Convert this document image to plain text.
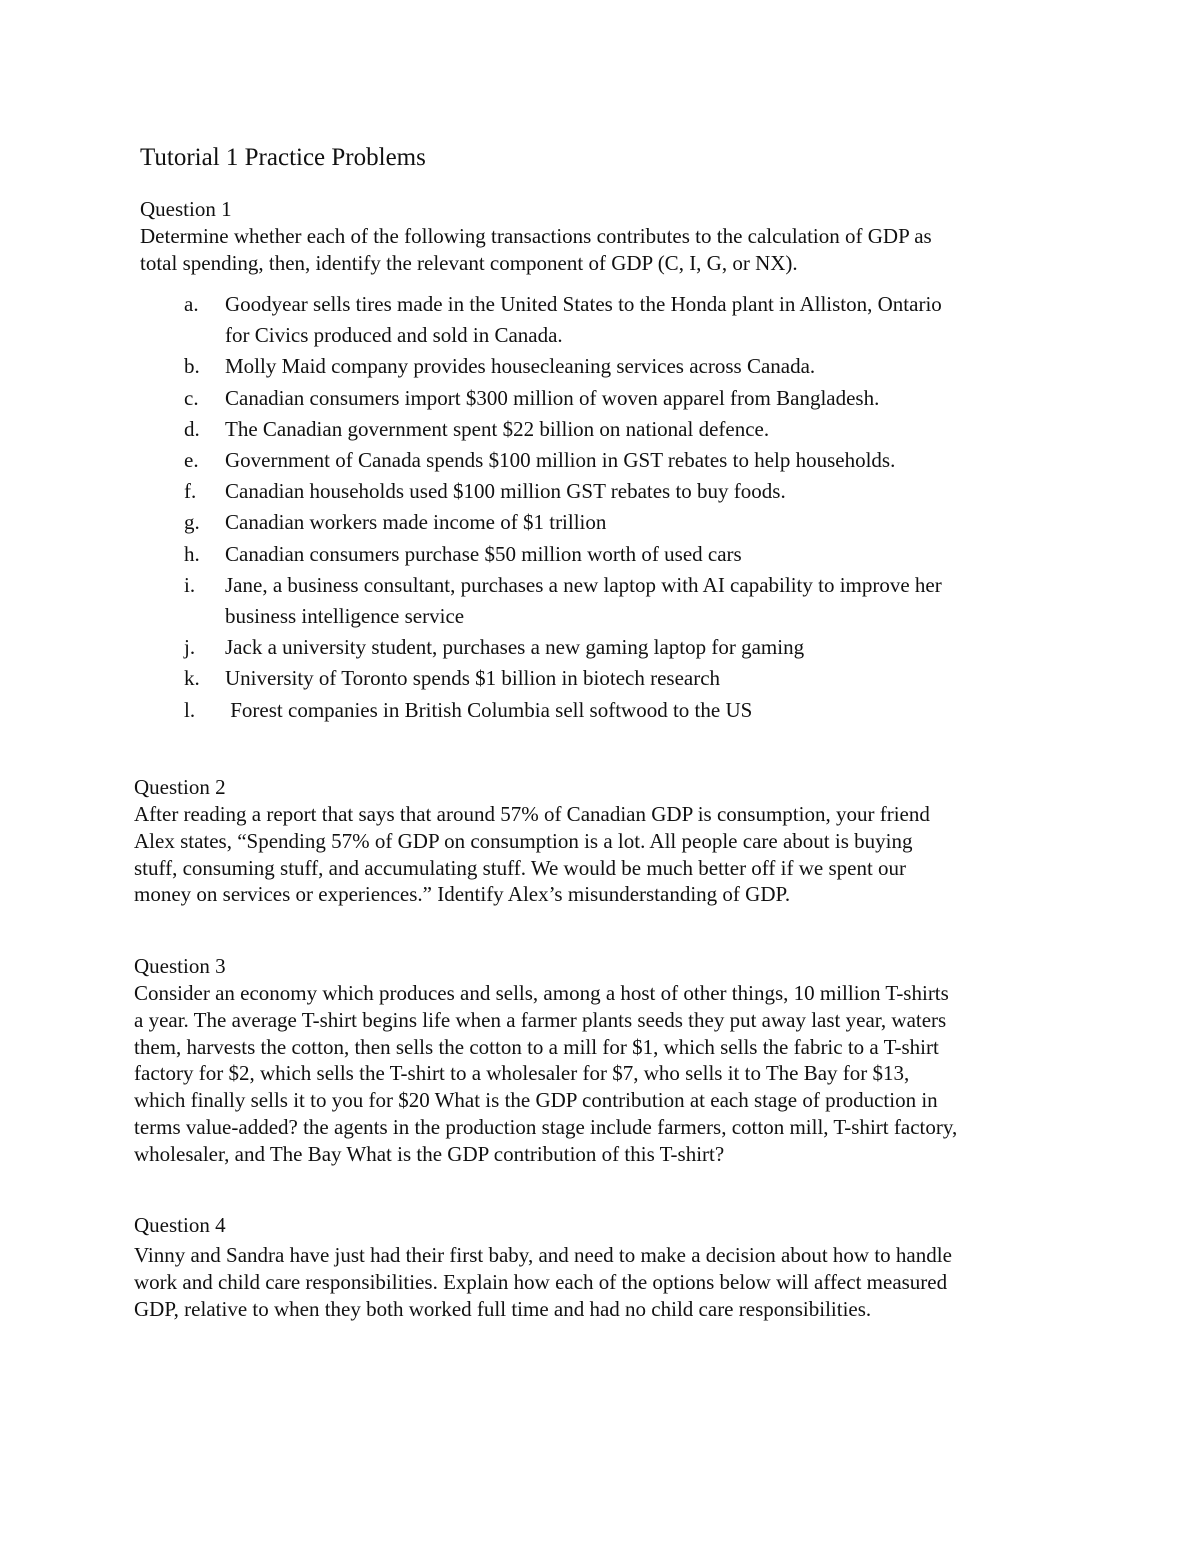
Tutorial 1 Practice Problems
Question 1
Determine whether each of the following transactions contributes to the calculation of GDP as
total spending, then, identify the relevant component of GDP (C, I, G, or NX).
a. Goodyear sells tires made in the United States to the Honda plant in Alliston, Ontario
for Civics produced and sold in Canada.
b. Molly Maid company provides housecleaning services across Canada.
c. Canadian consumers import $300 million of woven apparel from Bangladesh.
d. The Canadian government spent $22 billion on national defence.
e. Government of Canada spends $100 million in GST rebates to help households.
f. Canadian households used $100 million GST rebates to buy foods.
g. Canadian workers made income of $1 trillion
h. Canadian consumers purchase $50 million worth of used cars
i. Jane, a business consultant, purchases a new laptop with AI capability to improve her
business intelligence service
j. Jack a university student, purchases a new gaming laptop for gaming
k. University of Toronto spends $1 billion in biotech research
l. Forest companies in British Columbia sell softwood to the US
Question 2
After reading a report that says that around 57% of Canadian GDP is consumption, your friend
Alex states, “Spending 57% of GDP on consumption is a lot. All people care about is buying
stuff, consuming stuff, and accumulating stuff. We would be much better off if we spent our
money on services or experiences.” Identify Alex’s misunderstanding of GDP.
Question 3
Consider an economy which produces and sells, among a host of other things, 10 million T-shirts
a year. The average T-shirt begins life when a farmer plants seeds they put away last year, waters
them, harvests the cotton, then sells the cotton to a mill for $1, which sells the fabric to a T-shirt
factory for $2, which sells the T-shirt to a wholesaler for $7, who sells it to The Bay for $13,
which finally sells it to you for $20 What is the GDP contribution at each stage of production in
terms value-added? the agents in the production stage include farmers, cotton mill, T-shirt factory,
wholesaler, and The Bay What is the GDP contribution of this T-shirt?
Question 4
Vinny and Sandra have just had their first baby, and need to make a decision about how to handle
work and child care responsibilities. Explain how each of the options below will affect measured
GDP, relative to when they both worked full time and had no child care responsibilities.
